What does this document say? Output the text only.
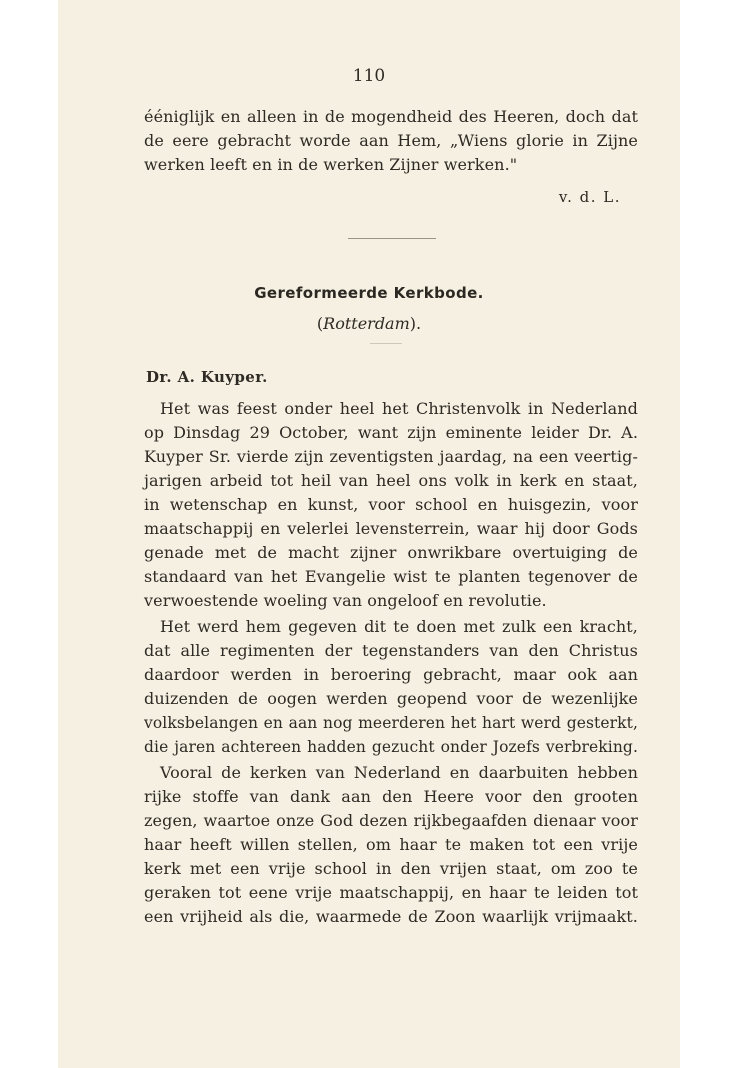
110
ééniglijk en alleen in de mogendheid des Heeren, doch dat
de eere gebracht worde aan Hem, „Wiens glorie in Zijne
werken leeft en in de werken Zijner werken."
v. d. L.
Gereformeerde Kerkbode.
(Rotterdam).
Dr. A. Kuyper.
Het was feest onder heel het Christenvolk in Nederland
op Dinsdag 29 October, want zijn eminente leider Dr. A.
Kuyper Sr. vierde zijn zeventigsten jaardag, na een veertig-
jarigen arbeid tot heil van heel ons volk in kerk en staat,
in wetenschap en kunst, voor school en huisgezin, voor
maatschappij en velerlei levensterrein, waar hij door Gods
genade met de macht zijner onwrikbare overtuiging de
standaard van het Evangelie wist te planten tegenover de
verwoestende woeling van ongeloof en revolutie.
Het werd hem gegeven dit te doen met zulk een kracht,
dat alle regimenten der tegenstanders van den Christus
daardoor werden in beroering gebracht, maar ook aan
duizenden de oogen werden geopend voor de wezenlijke
volksbelangen en aan nog meerderen het hart werd gesterkt,
die jaren achtereen hadden gezucht onder Jozefs verbreking.
Vooral de kerken van Nederland en daarbuiten hebben
rijke stoffe van dank aan den Heere voor den grooten
zegen, waartoe onze God dezen rijkbegaafden dienaar voor
haar heeft willen stellen, om haar te maken tot een vrije
kerk met een vrije school in den vrijen staat, om zoo te
geraken tot eene vrije maatschappij, en haar te leiden tot
een vrijheid als die, waarmede de Zoon waarlijk vrijmaakt.
